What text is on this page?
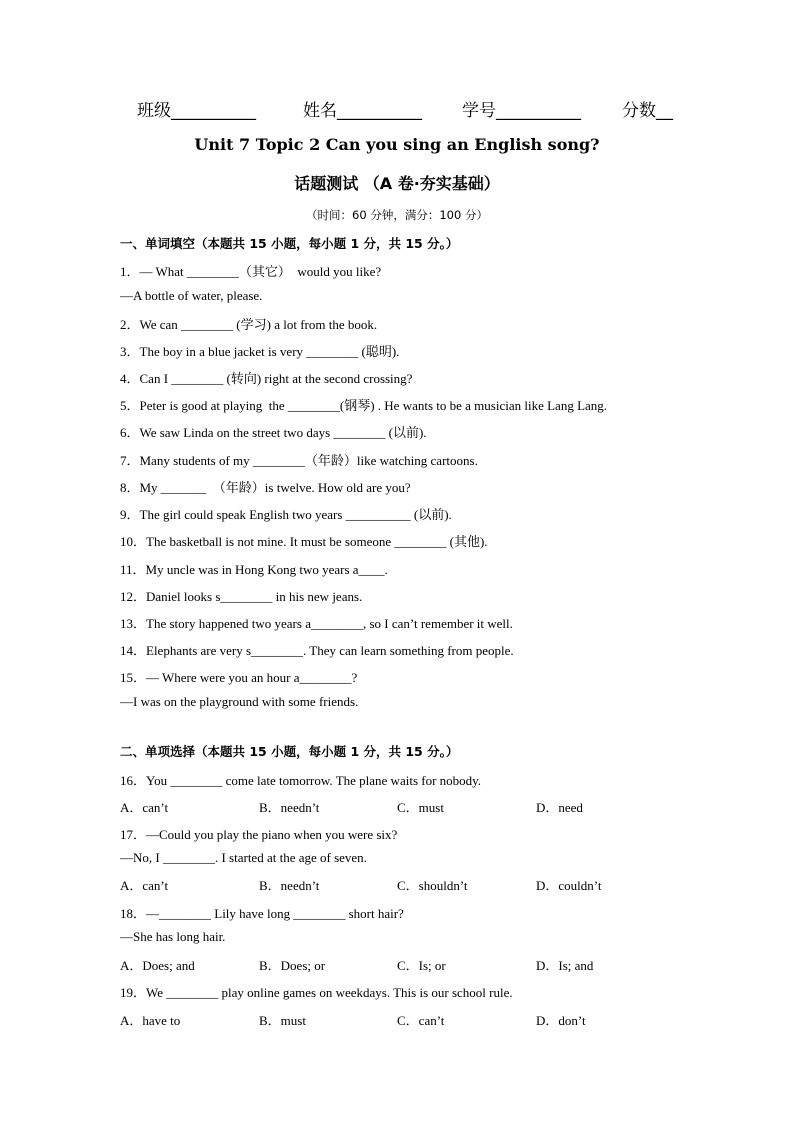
班级__________	姓名__________ 学号__________ 分数__
Unit 7 Topic 2 Can you sing an English song?
话题测试 （A 卷·夯实基础）
（时间：60 分钟，满分：100 分）
一、单词填空（本题共 15 小题，每小题 1 分，共 15 分。）
1．— What ________（其它）  would you like?
—A bottle of water, please.
2．We can ________ (学习) a lot from the book.
3．The boy in a blue jacket is very ________ (聪明).
4．Can I ________ (转向) right at the second crossing?
5．Peter is good at playing  the ________(钢琴) . He wants to be a musician like Lang Lang.
6．We saw Linda on the street two days ________ (以前).
7．Many students of my ________（年龄）like watching cartoons.
8．My _______  （年龄）is twelve. How old are you?
9．The girl could speak English two years __________ (以前).
10．The basketball is not mine. It must be someone ________ (其他).
11．My uncle was in Hong Kong two years a____.
12．Daniel looks s________ in his new jeans.
13．The story happened two years a________, so I can’t remember it well.
14．Elephants are very s________. They can learn something from people.
15．— Where were you an hour a________?
—I was on the playground with some friends.
二、单项选择（本题共 15 小题，每小题 1 分，共 15 分。）
16．You ________ come late tomorrow. The plane waits for nobody.
A．can’t	B．needn’t	C．must	D．need
17．—Could you play the piano when you were six?
—No, I ________. I started at the age of seven.
A．can’t	B．needn’t	C．shouldn’t	D．couldn’t
18．—________ Lily have long ________ short hair?
—She has long hair.
A．Does; and	B．Does; or	C．Is; or	D．Is; and
19．We ________ play online games on weekdays. This is our school rule.
A．have to	B．must	C．can’t	D．don’t
